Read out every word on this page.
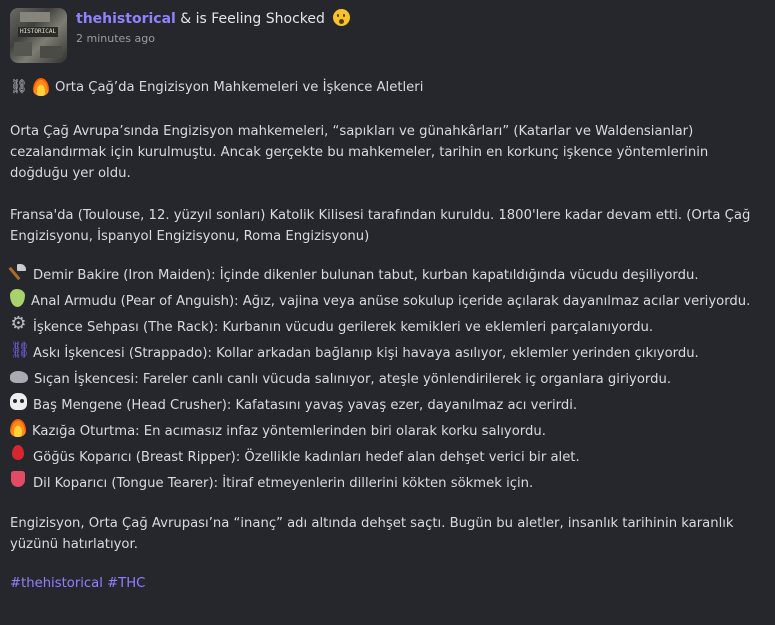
HISTORICAL
thehistorical & is Feeling Shocked
2 minutes ago
⛓ Orta Çağ’da Engizisyon Mahkemeleri ve İşkence Aletleri

Orta Çağ Avrupa’sında Engizisyon mahkemeleri, “sapıkları ve günahkârları” (Katarlar ve Waldensianlar) cezalandırmak için kurulmuştu. Ancak gerçekte bu mahkemeler, tarihin en korkunç işkence yöntemlerinin doğduğu yer oldu.

Fransa'da (Toulouse, 12. yüzyıl sonları) Katolik Kilisesi tarafından kuruldu. 1800'lere kadar devam etti. (Orta Çağ Engizisyonu, İspanyol Engizisyonu, Roma Engizisyonu)

Demir Bakire (Iron Maiden): İçinde dikenler bulunan tabut, kurban kapatıldığında vücudu deşiliyordu.
Anal Armudu (Pear of Anguish): Ağız, vajina veya anüse sokulup içeride açılarak dayanılmaz acılar veriyordu.
⚙ İşkence Sehpası (The Rack): Kurbanın vücudu gerilerek kemikleri ve eklemleri parçalanıyordu.
⛓ Askı İşkencesi (Strappado): Kollar arkadan bağlanıp kişi havaya asılıyor, eklemler yerinden çıkıyordu.
Sıçan İşkencesi: Fareler canlı canlı vücuda salınıyor, ateşle yönlendirilerek iç organlara giriyordu.
Baş Mengene (Head Crusher): Kafatasını yavaş yavaş ezer, dayanılmaz acı verirdi.
Kazığa Oturtma: En acımasız infaz yöntemlerinden biri olarak korku salıyordu.
Göğüs Koparıcı (Breast Ripper): Özellikle kadınları hedef alan dehşet verici bir alet.
Dil Koparıcı (Tongue Tearer): İtiraf etmeyenlerin dillerini kökten sökmek için.

Engizisyon, Orta Çağ Avrupası’na “inanç” adı altında dehşet saçtı. Bugün bu aletler, insanlık tarihinin karanlık yüzünü hatırlatıyor.

#thehistorical #THC
